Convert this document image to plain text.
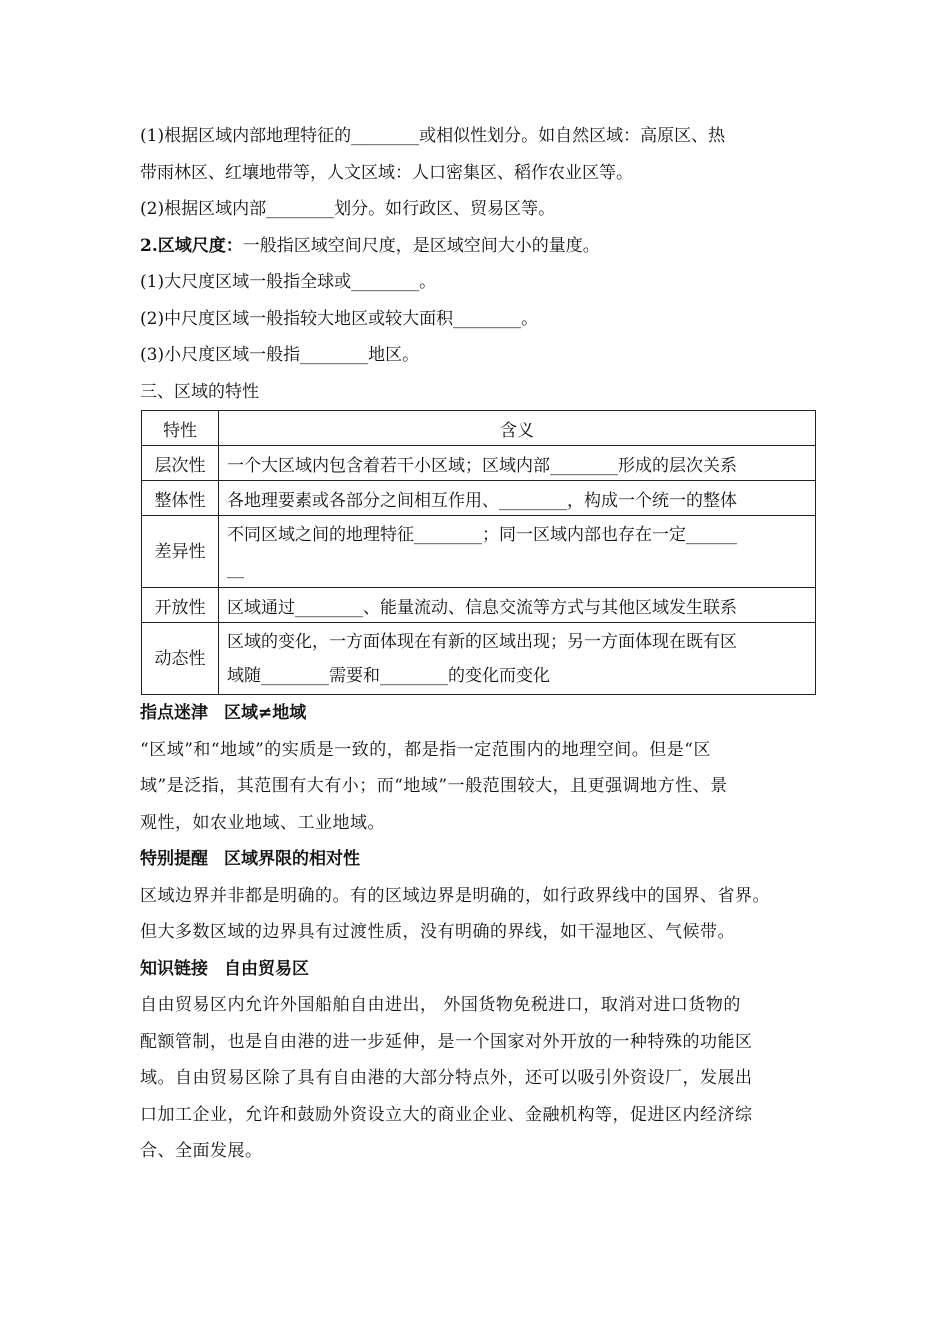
(1)根据区域内部地理特征的________或相似性划分。如自然区域：高原区、热
带雨林区、红壤地带等，人文区域：人口密集区、稻作农业区等。
(2)根据区域内部________划分。如行政区、贸易区等。
2.区域尺度：一般指区域空间尺度，是区域空间大小的量度。
(1)大尺度区域一般指全球或________。
(2)中尺度区域一般指较大地区或较大面积________。
(3)小尺度区域一般指________地区。
三、区域的特性
特性	含义
层次性	一个大区域内包含着若干小区域；区域内部________形成的层次关系
整体性	各地理要素或各部分之间相互作用、________，构成一个统一的整体
差异性	不同区域之间的地理特征________；同一区域内部也存在一定______
__

开放性	区域通过________、能量流动、信息交流等方式与其他区域发生联系
动态性	区域的变化，一方面体现在有新的区域出现；另一方面体现在既有区
域随________需要和________的变化而变化
指点迷津 区域≠地域
“区域”和“地域”的实质是一致的，都是指一定范围内的地理空间。但是“区
域”是泛指，其范围有大有小；而“地域”一般范围较大，且更强调地方性、景
观性，如农业地域、工业地域。
特别提醒 区域界限的相对性
区域边界并非都是明确的。有的区域边界是明确的，如行政界线中的国界、省界。
但大多数区域的边界具有过渡性质，没有明确的界线，如干湿地区、气候带。
知识链接 自由贸易区
自由贸易区内允许外国船舶自由进出， 外国货物免税进口，取消对进口货物的
配额管制，也是自由港的进一步延伸，是一个国家对外开放的一种特殊的功能区
域。自由贸易区除了具有自由港的大部分特点外，还可以吸引外资设厂，发展出
口加工企业，允许和鼓励外资设立大的商业企业、金融机构等，促进区内经济综
合、全面发展。
